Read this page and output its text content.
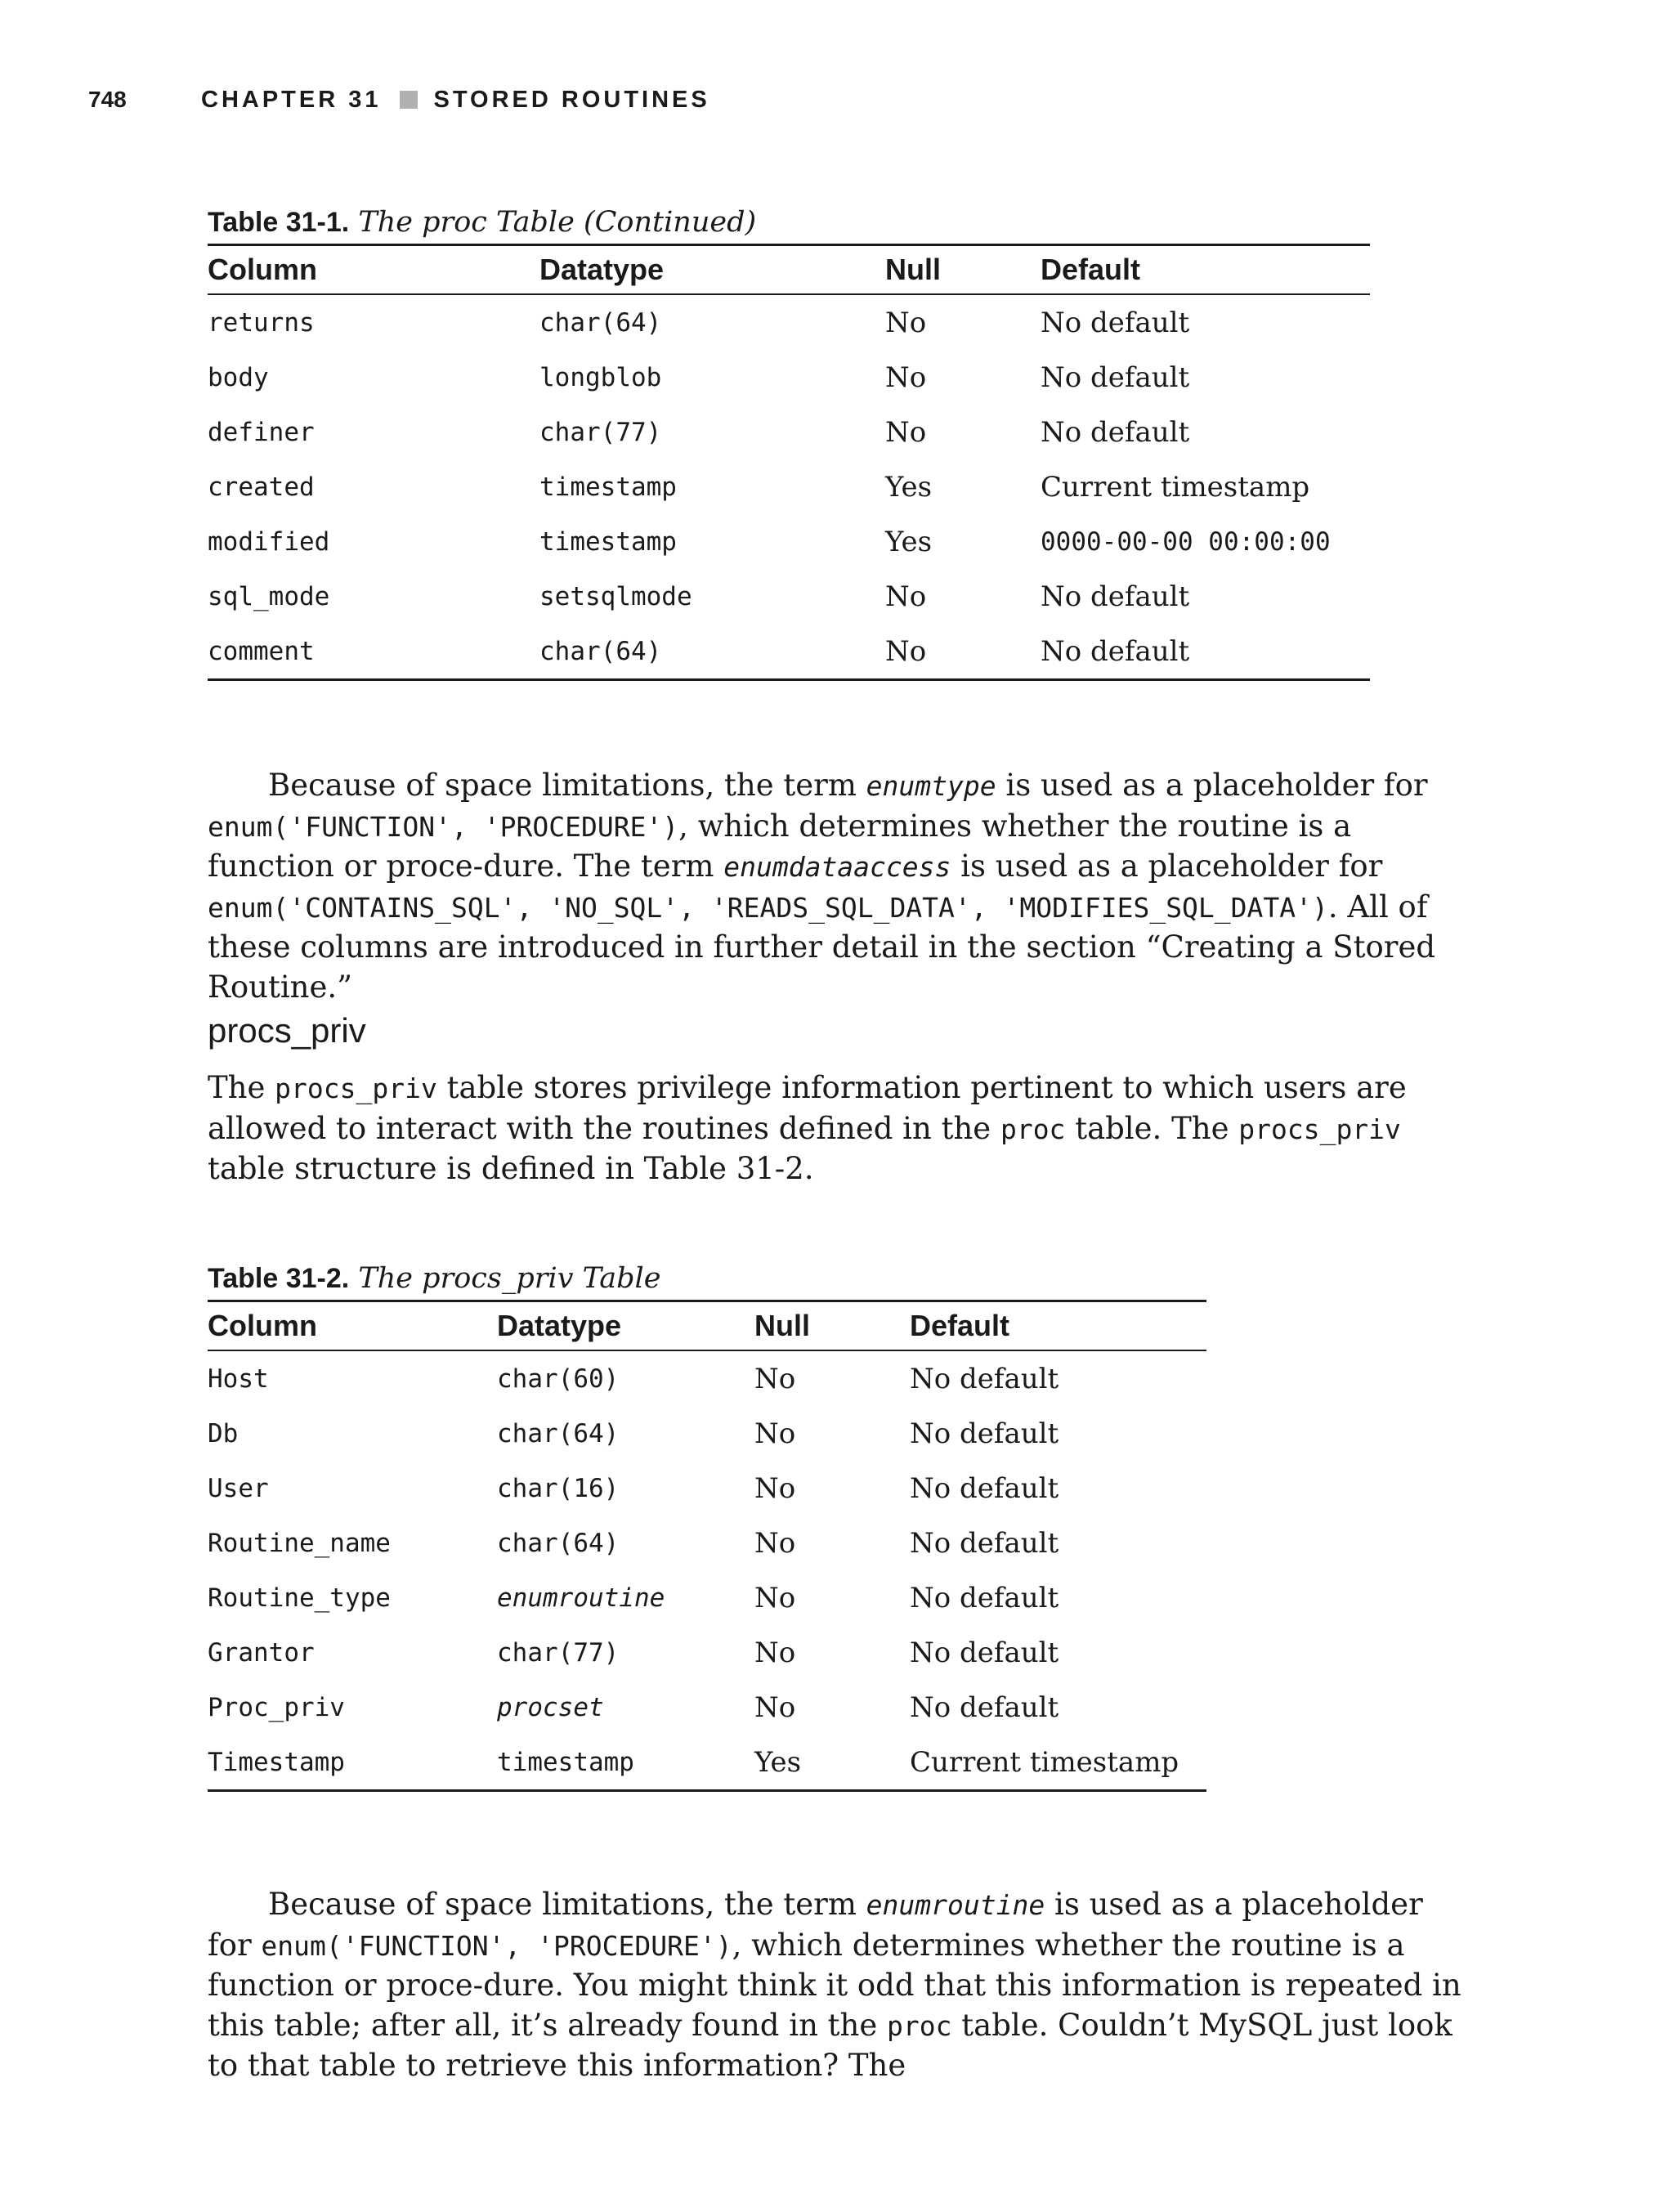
748	CHAPTER 31 STORED ROUTINES
Table 31-1. The proc Table (Continued)
Column	Datatype	Null	Default
returns	char(64)	No	No default
body	longblob	No	No default
definer	char(77)	No	No default
created	timestamp	Yes	Current timestamp
modified	timestamp	Yes	0000-00-00 00:00:00
sql_mode	setsqlmode	No	No default
comment	char(64)	No	No default

Because of space limitations, the term enumtype is used as a placeholder for enum('FUNCTION', 'PROCEDURE'), which determines whether the routine is a function or proce-dure. The term enumdataaccess is used as a placeholder for enum('CONTAINS_SQL', 'NO_SQL', 'READS_SQL_DATA', 'MODIFIES_SQL_DATA'). All of these columns are introduced in further detail in the section “Creating a Stored Routine.”

procs_priv

The procs_priv table stores privilege information pertinent to which users are allowed to interact with the routines defined in the proc table. The procs_priv table structure is defined in Table 31-2.

Table 31-2. The procs_priv Table
Column	Datatype	Null	Default
Host	char(60)	No	No default
Db	char(64)	No	No default
User	char(16)	No	No default
Routine_name	char(64)	No	No default
Routine_type	enumroutine	No	No default
Grantor	char(77)	No	No default
Proc_priv	procset	No	No default
Timestamp	timestamp	Yes	Current timestamp

Because of space limitations, the term enumroutine is used as a placeholder for enum('FUNCTION', 'PROCEDURE'), which determines whether the routine is a function or proce-dure. You might think it odd that this information is repeated in this table; after all, it’s already found in the proc table. Couldn’t MySQL just look to that table to retrieve this information? The
